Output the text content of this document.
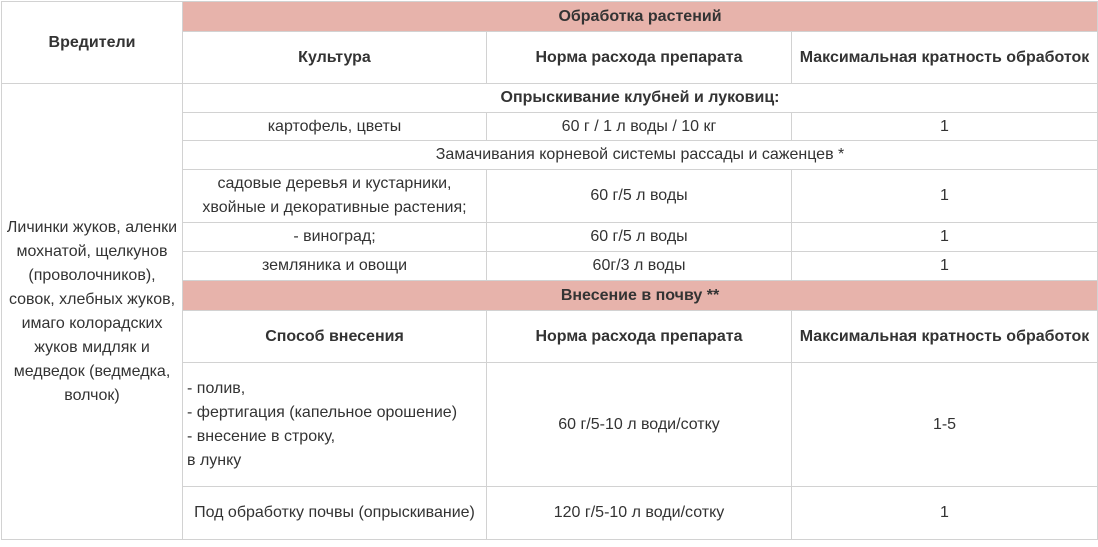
Вредители	Обработка растений		
	Культура	Норма расхода препарата	Максимальная кратность обработок
Личинки жуков, аленки мохнатой, щелкунов (проволочников), совок, хлебных жуков, имаго колорадских жуков мидляк и медведок (ведмедка, волчок)	Опрыскивание клубней и луковиц:		
	картофель, цветы	60 г / 1 л воды / 10 кг	1
	Замачивания корневой системы рассады и саженцев *		
	садовые деревья и кустарники, хвойные и декоративные растения;	60 г/5 л воды	1
	- виноград;	60 г/5 л воды	1
	земляника и овощи	60г/3 л воды	1
	Внесение в почву **		
	Способ внесения	Норма расхода препарата	Максимальная кратность обработок

	- полив,
- фертигация (капельное орошение)
- внесение в строку,
в лунку	60 г/5-10 л води/сотку	1-5
	Под обработку почвы (опрыскивание)	120 г/5-10 л води/сотку	1
